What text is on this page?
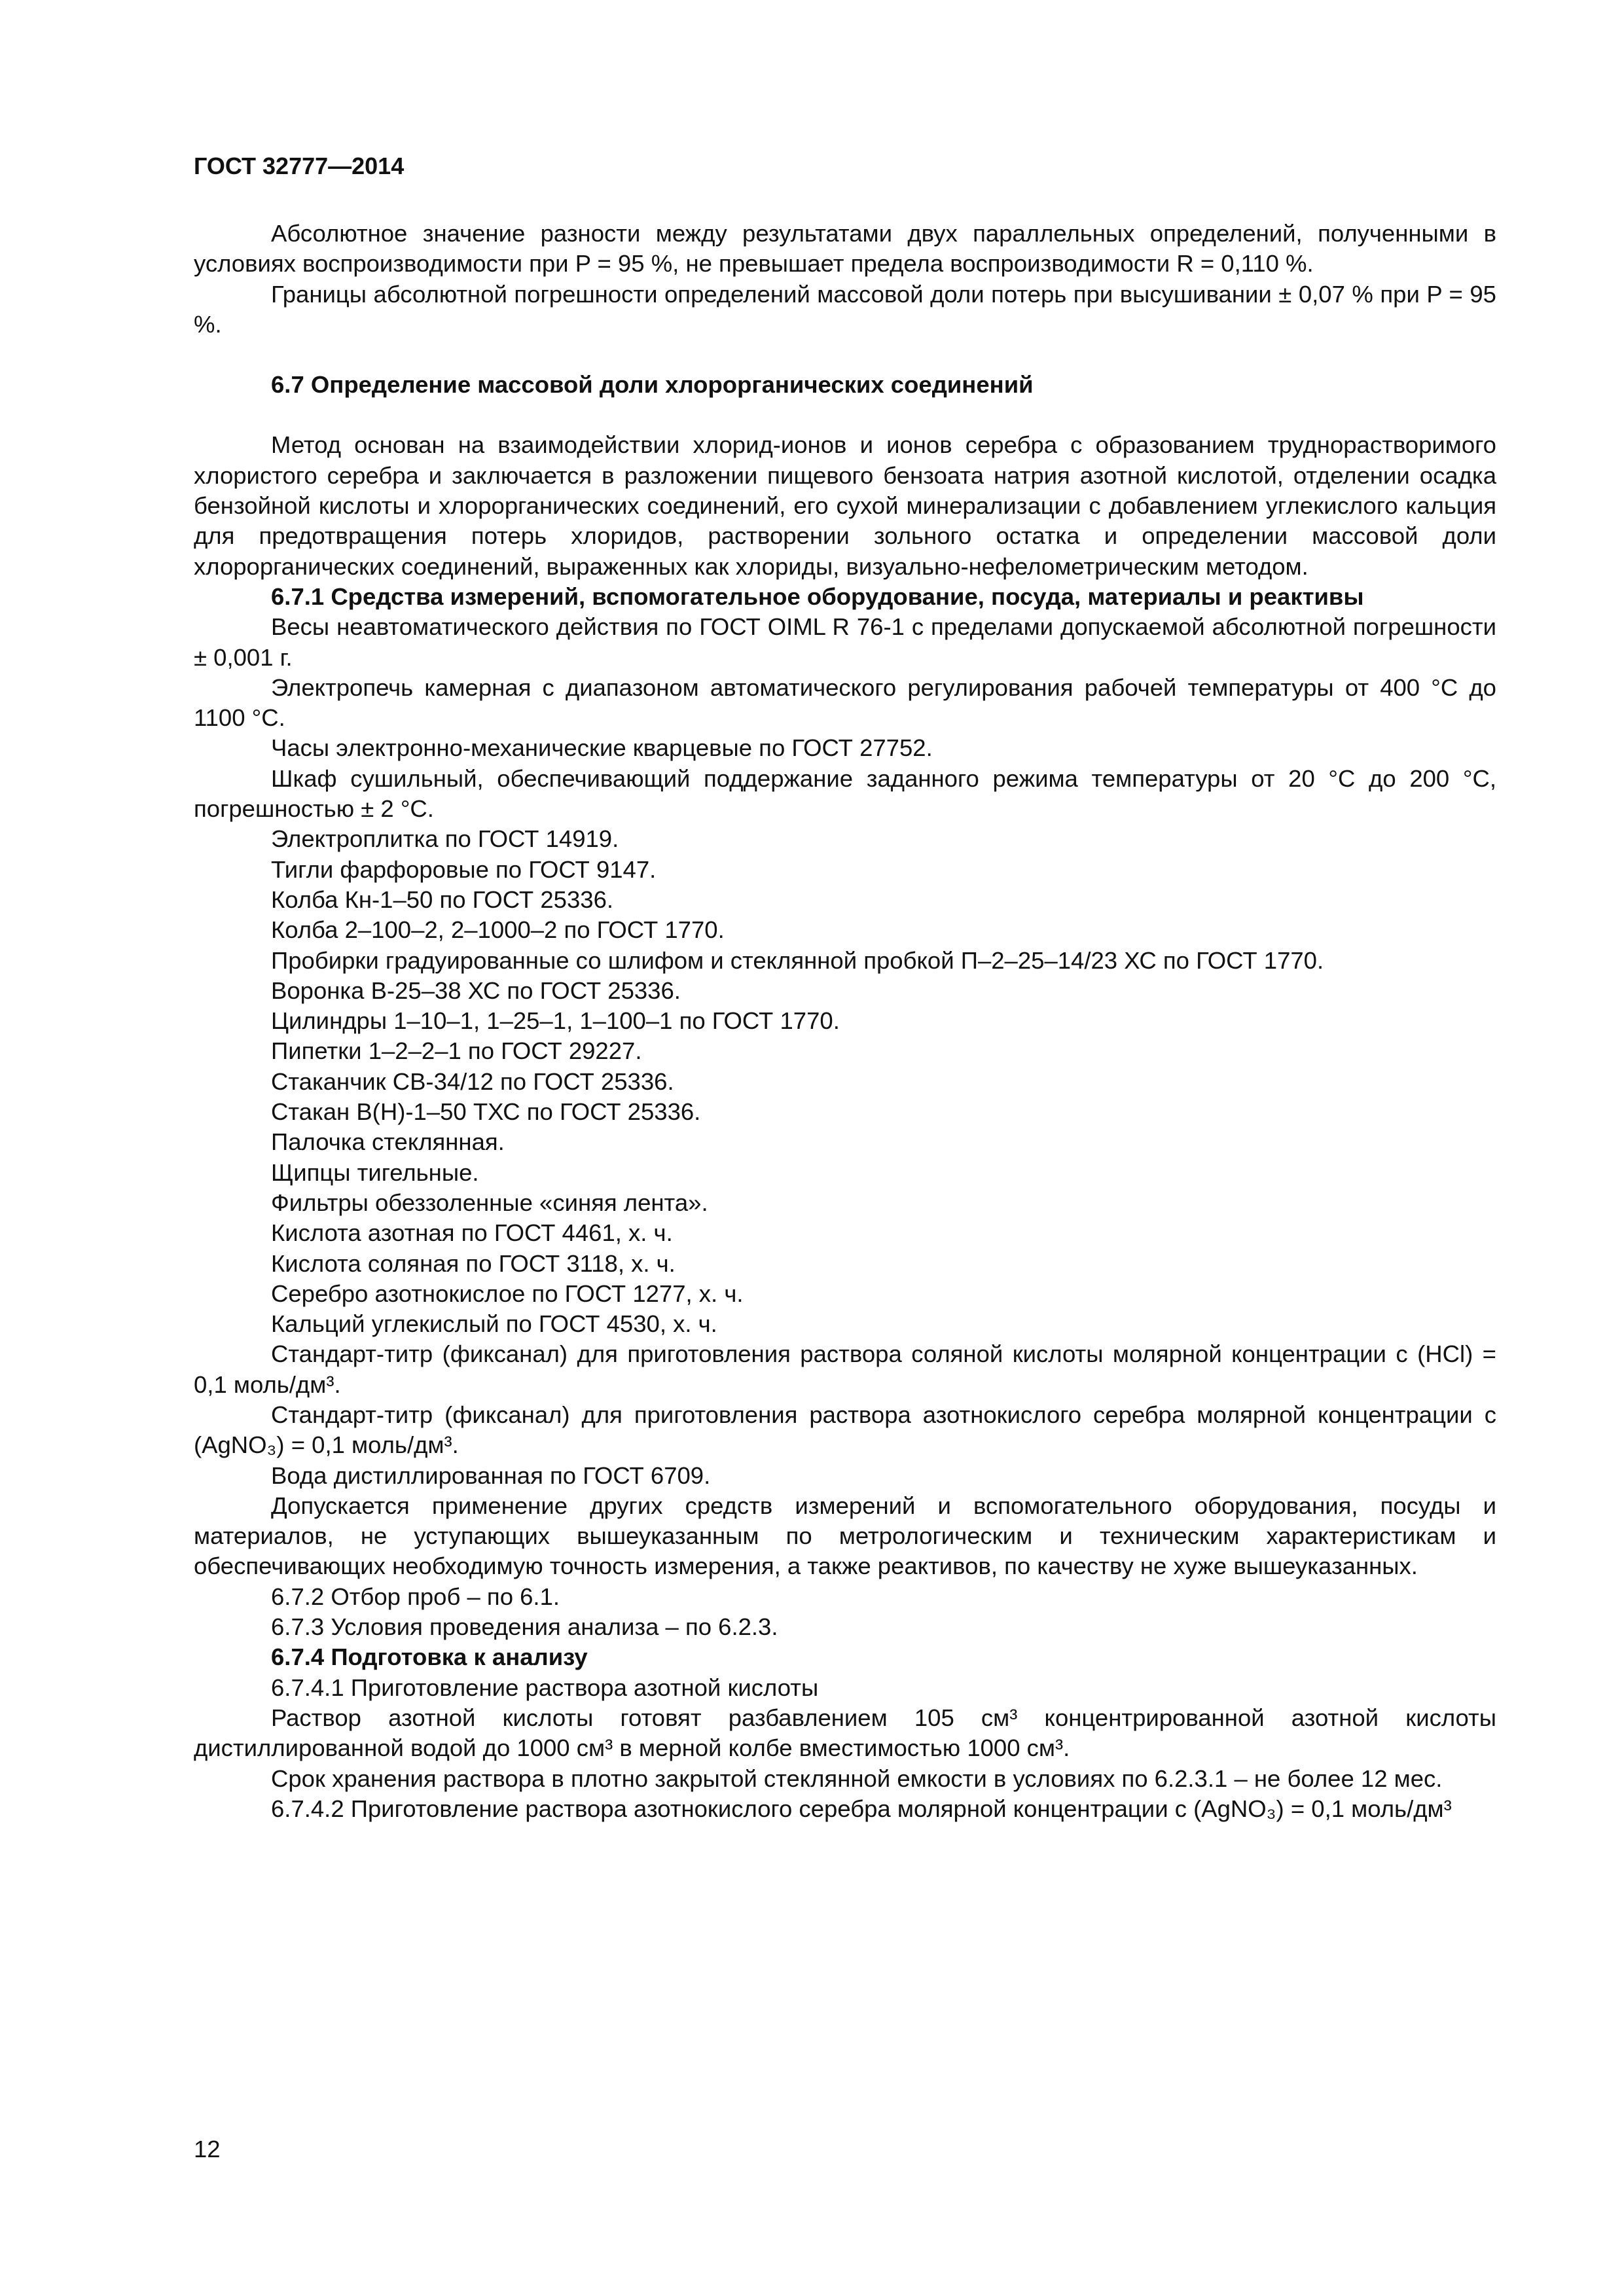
ГОСТ 32777—2014

Абсолютное значение разности между результатами двух параллельных определений, полученными в условиях воспроизводимости при P = 95 %, не превышает предела воспроизводимости R = 0,110 %.

Границы абсолютной погрешности определений массовой доли потерь при высушивании ± 0,07 % при P = 95 %.

6.7 Определение массовой доли хлорорганических соединений

Метод основан на взаимодействии хлорид-ионов и ионов серебра с образованием труднорастворимого хлористого серебра и заключается в разложении пищевого бензоата натрия азотной кислотой, отделении осадка бензойной кислоты и хлорорганических соединений, его сухой минерализации с добавлением углекислого кальция для предотвращения потерь хлоридов, растворении зольного остатка и определении массовой доли хлорорганических соединений, выраженных как хлориды, визуально-нефелометрическим методом.

6.7.1 Средства измерений, вспомогательное оборудование, посуда, материалы и реактивы

Весы неавтоматического действия по ГОСТ OIML R 76-1 с пределами допускаемой абсолютной погрешности ± 0,001 г.

Электропечь камерная с диапазоном автоматического регулирования рабочей температуры от 400 °С до 1100 °С.

Часы электронно-механические кварцевые по ГОСТ 27752.

Шкаф сушильный, обеспечивающий поддержание заданного режима температуры от 20 °С до 200 °С, погрешностью ± 2 °С.

Электроплитка по ГОСТ 14919.

Тигли фарфоровые по ГОСТ 9147.

Колба Кн-1–50 по ГОСТ 25336.

Колба 2–100–2, 2–1000–2 по ГОСТ 1770.

Пробирки градуированные со шлифом и стеклянной пробкой П–2–25–14/23 ХС по ГОСТ 1770.

Воронка В-25–38 ХС по ГОСТ 25336.

Цилиндры 1–10–1, 1–25–1, 1–100–1 по ГОСТ 1770.

Пипетки 1–2–2–1 по ГОСТ 29227.

Стаканчик СВ-34/12 по ГОСТ 25336.

Стакан В(Н)-1–50 ТХС по ГОСТ 25336.

Палочка стеклянная.

Щипцы тигельные.

Фильтры обеззоленные «синяя лента».

Кислота азотная по ГОСТ 4461, х. ч.

Кислота соляная по ГОСТ 3118, х. ч.

Серебро азотнокислое по ГОСТ 1277, х. ч.

Кальций углекислый по ГОСТ 4530, х. ч.

Стандарт-титр (фиксанал) для приготовления раствора соляной кислоты молярной концентрации с (HCl) = 0,1 моль/дм³.

Стандарт-титр (фиксанал) для приготовления раствора азотнокислого серебра молярной концентрации с (AgNO₃) = 0,1 моль/дм³.

Вода дистиллированная по ГОСТ 6709.

Допускается применение других средств измерений и вспомогательного оборудования, посуды и материалов, не уступающих вышеуказанным по метрологическим и техническим характеристикам и обеспечивающих необходимую точность измерения, а также реактивов, по качеству не хуже вышеуказанных.

6.7.2 Отбор проб – по 6.1.

6.7.3 Условия проведения анализа – по 6.2.3.

6.7.4 Подготовка к анализу

6.7.4.1 Приготовление раствора азотной кислоты

Раствор азотной кислоты готовят разбавлением 105 см³ концентрированной азотной кислоты дистиллированной водой до 1000 см³ в мерной колбе вместимостью 1000 см³.

Срок хранения раствора в плотно закрытой стеклянной емкости в условиях по 6.2.3.1 – не более 12 мес.

6.7.4.2 Приготовление раствора азотнокислого серебра молярной концентрации с (AgNO₃) = 0,1 моль/дм³

12
